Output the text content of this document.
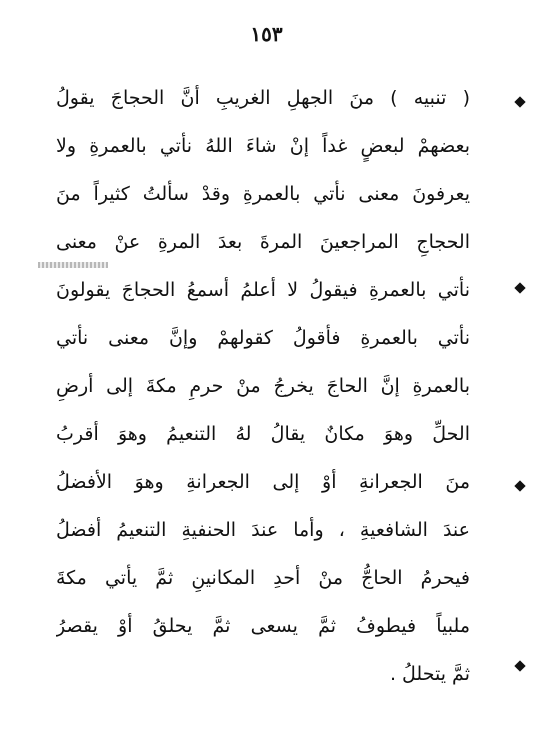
١٥٣
( تنبيه ) منَ الجهلِ الغريبِ أنَّ الحجاجَ يقولُ
بعضهمْ لبعضٍ غداً إنْ شاءَ اللهُ نأتي بالعمرةِ ولا
يعرفونَ معنى نأتي بالعمرةِ وقدْ سألتُ كثيراً منَ
الحجاجِ المراجعينَ المرةَ بعدَ المرةِ عنْ معنى
نأتي بالعمرةِ فيقولُ لا أعلمُ أسمعُ الحجاجَ يقولونَ
نأتي بالعمرةِ فأقولُ كقولهمْ وإنَّ معنى نأتي
بالعمرةِ إنَّ الحاجَ يخرجُ منْ حرمِ مكةَ إلى أرضِ
الحلِّ وهوَ مكانٌ يقالُ لهُ التنعيمُ وهوَ أقربُ
منَ الجعرانةِ أوْ إلى الجعرانةِ وهوَ الأفضلُ
عندَ الشافعيةِ ، وأما عندَ الحنفيةِ التنعيمُ أفضلُ
فيحرمُ الحاجُّ منْ أحدِ المكانينِ ثمَّ يأتي مكةَ
ملبياً فيطوفُ ثمَّ يسعى ثمَّ يحلقُ أوْ يقصرُ
ثمَّ يتحللُ .
